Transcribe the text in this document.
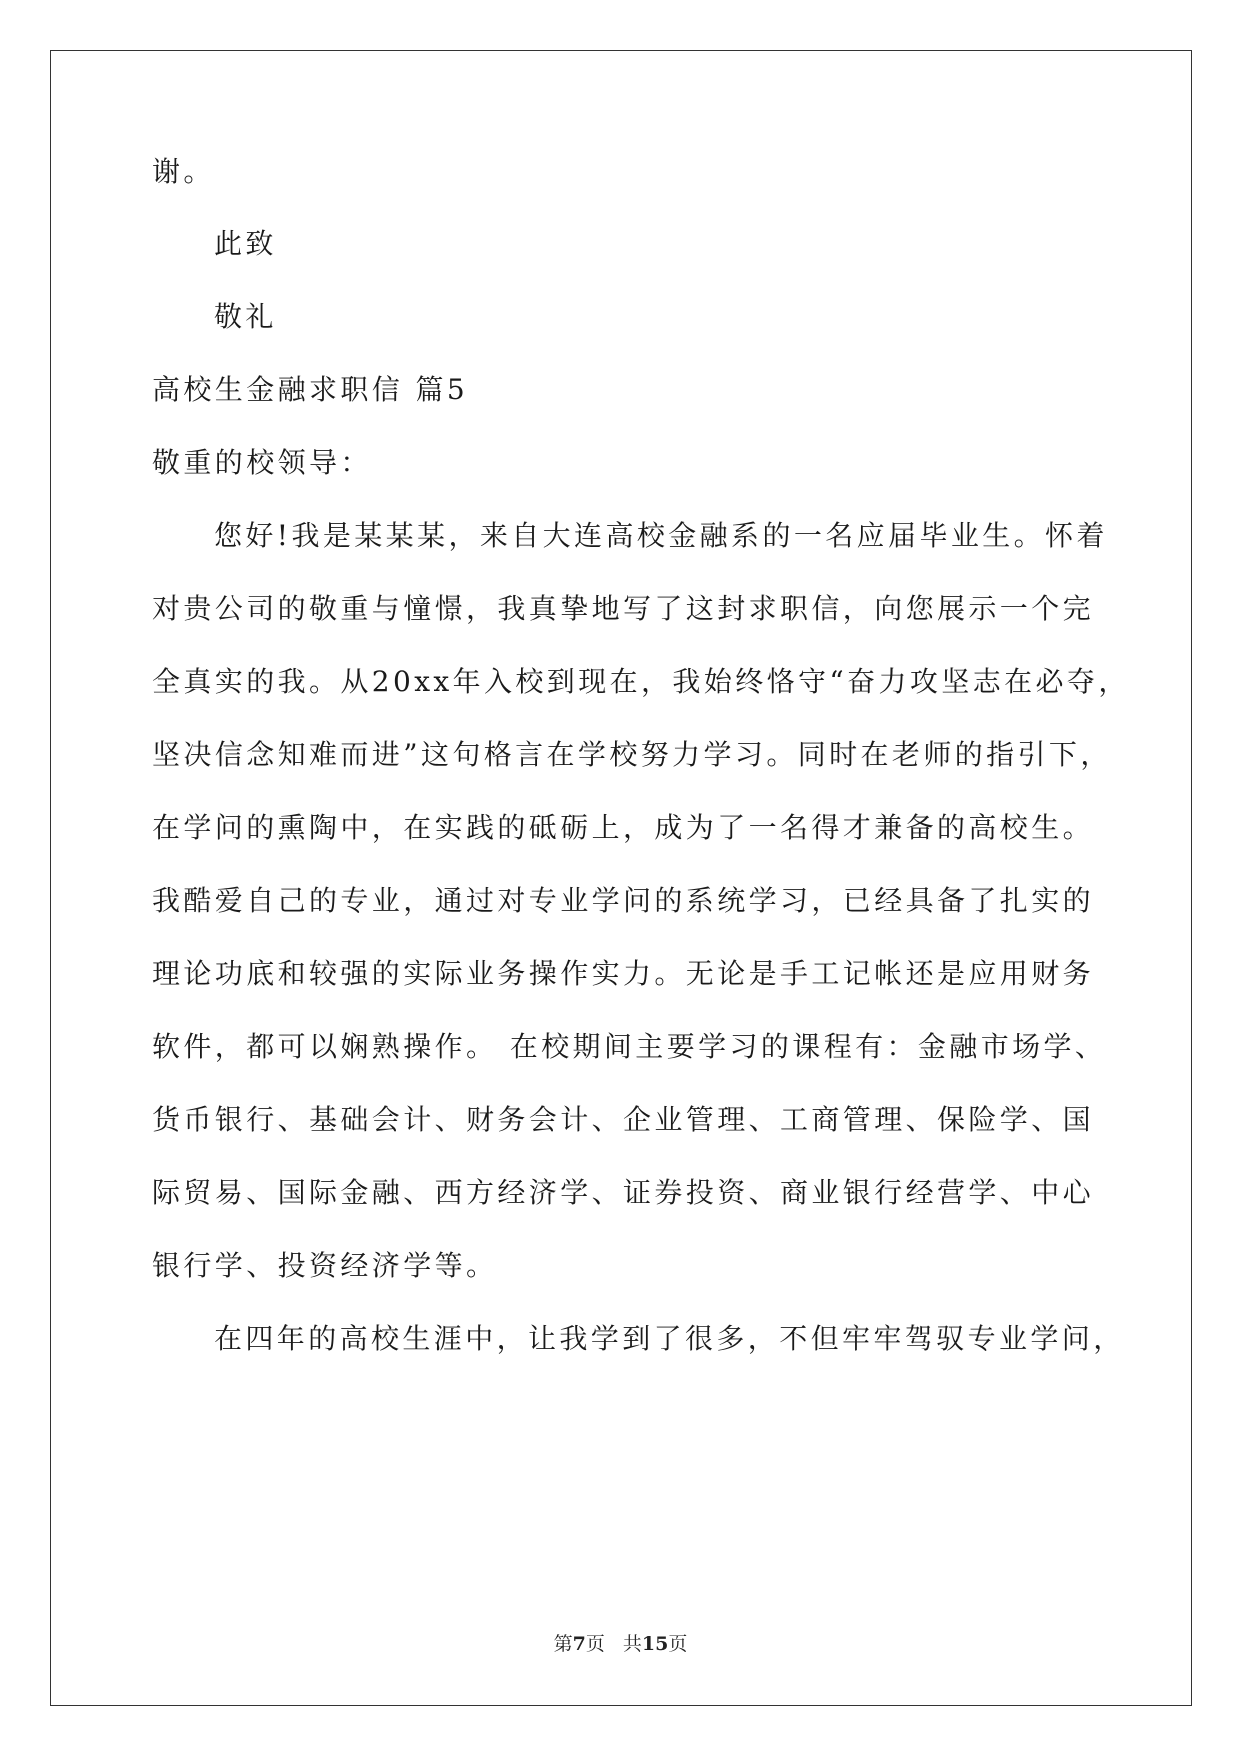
谢。
此致
敬礼
高校生金融求职信 篇5
敬重的校领导：
您好!我是某某某，来自大连高校金融系的一名应届毕业生。怀着
对贵公司的敬重与憧憬，我真挚地写了这封求职信，向您展示一个完
全真实的我。从20xx年入校到现在，我始终恪守“奋力攻坚志在必夺，
坚决信念知难而进”这句格言在学校努力学习。同时在老师的指引下，
在学问的熏陶中，在实践的砥砺上，成为了一名得才兼备的高校生。
我酷爱自己的专业，通过对专业学问的系统学习，已经具备了扎实的
理论功底和较强的实际业务操作实力。无论是手工记帐还是应用财务
软件，都可以娴熟操作。 在校期间主要学习的课程有：金融市场学、
货币银行、基础会计、财务会计、企业管理、工商管理、保险学、国
际贸易、国际金融、西方经济学、证券投资、商业银行经营学、中心
银行学、投资经济学等。
在四年的高校生涯中，让我学到了很多，不但牢牢驾驭专业学问，
第7页 共15页
